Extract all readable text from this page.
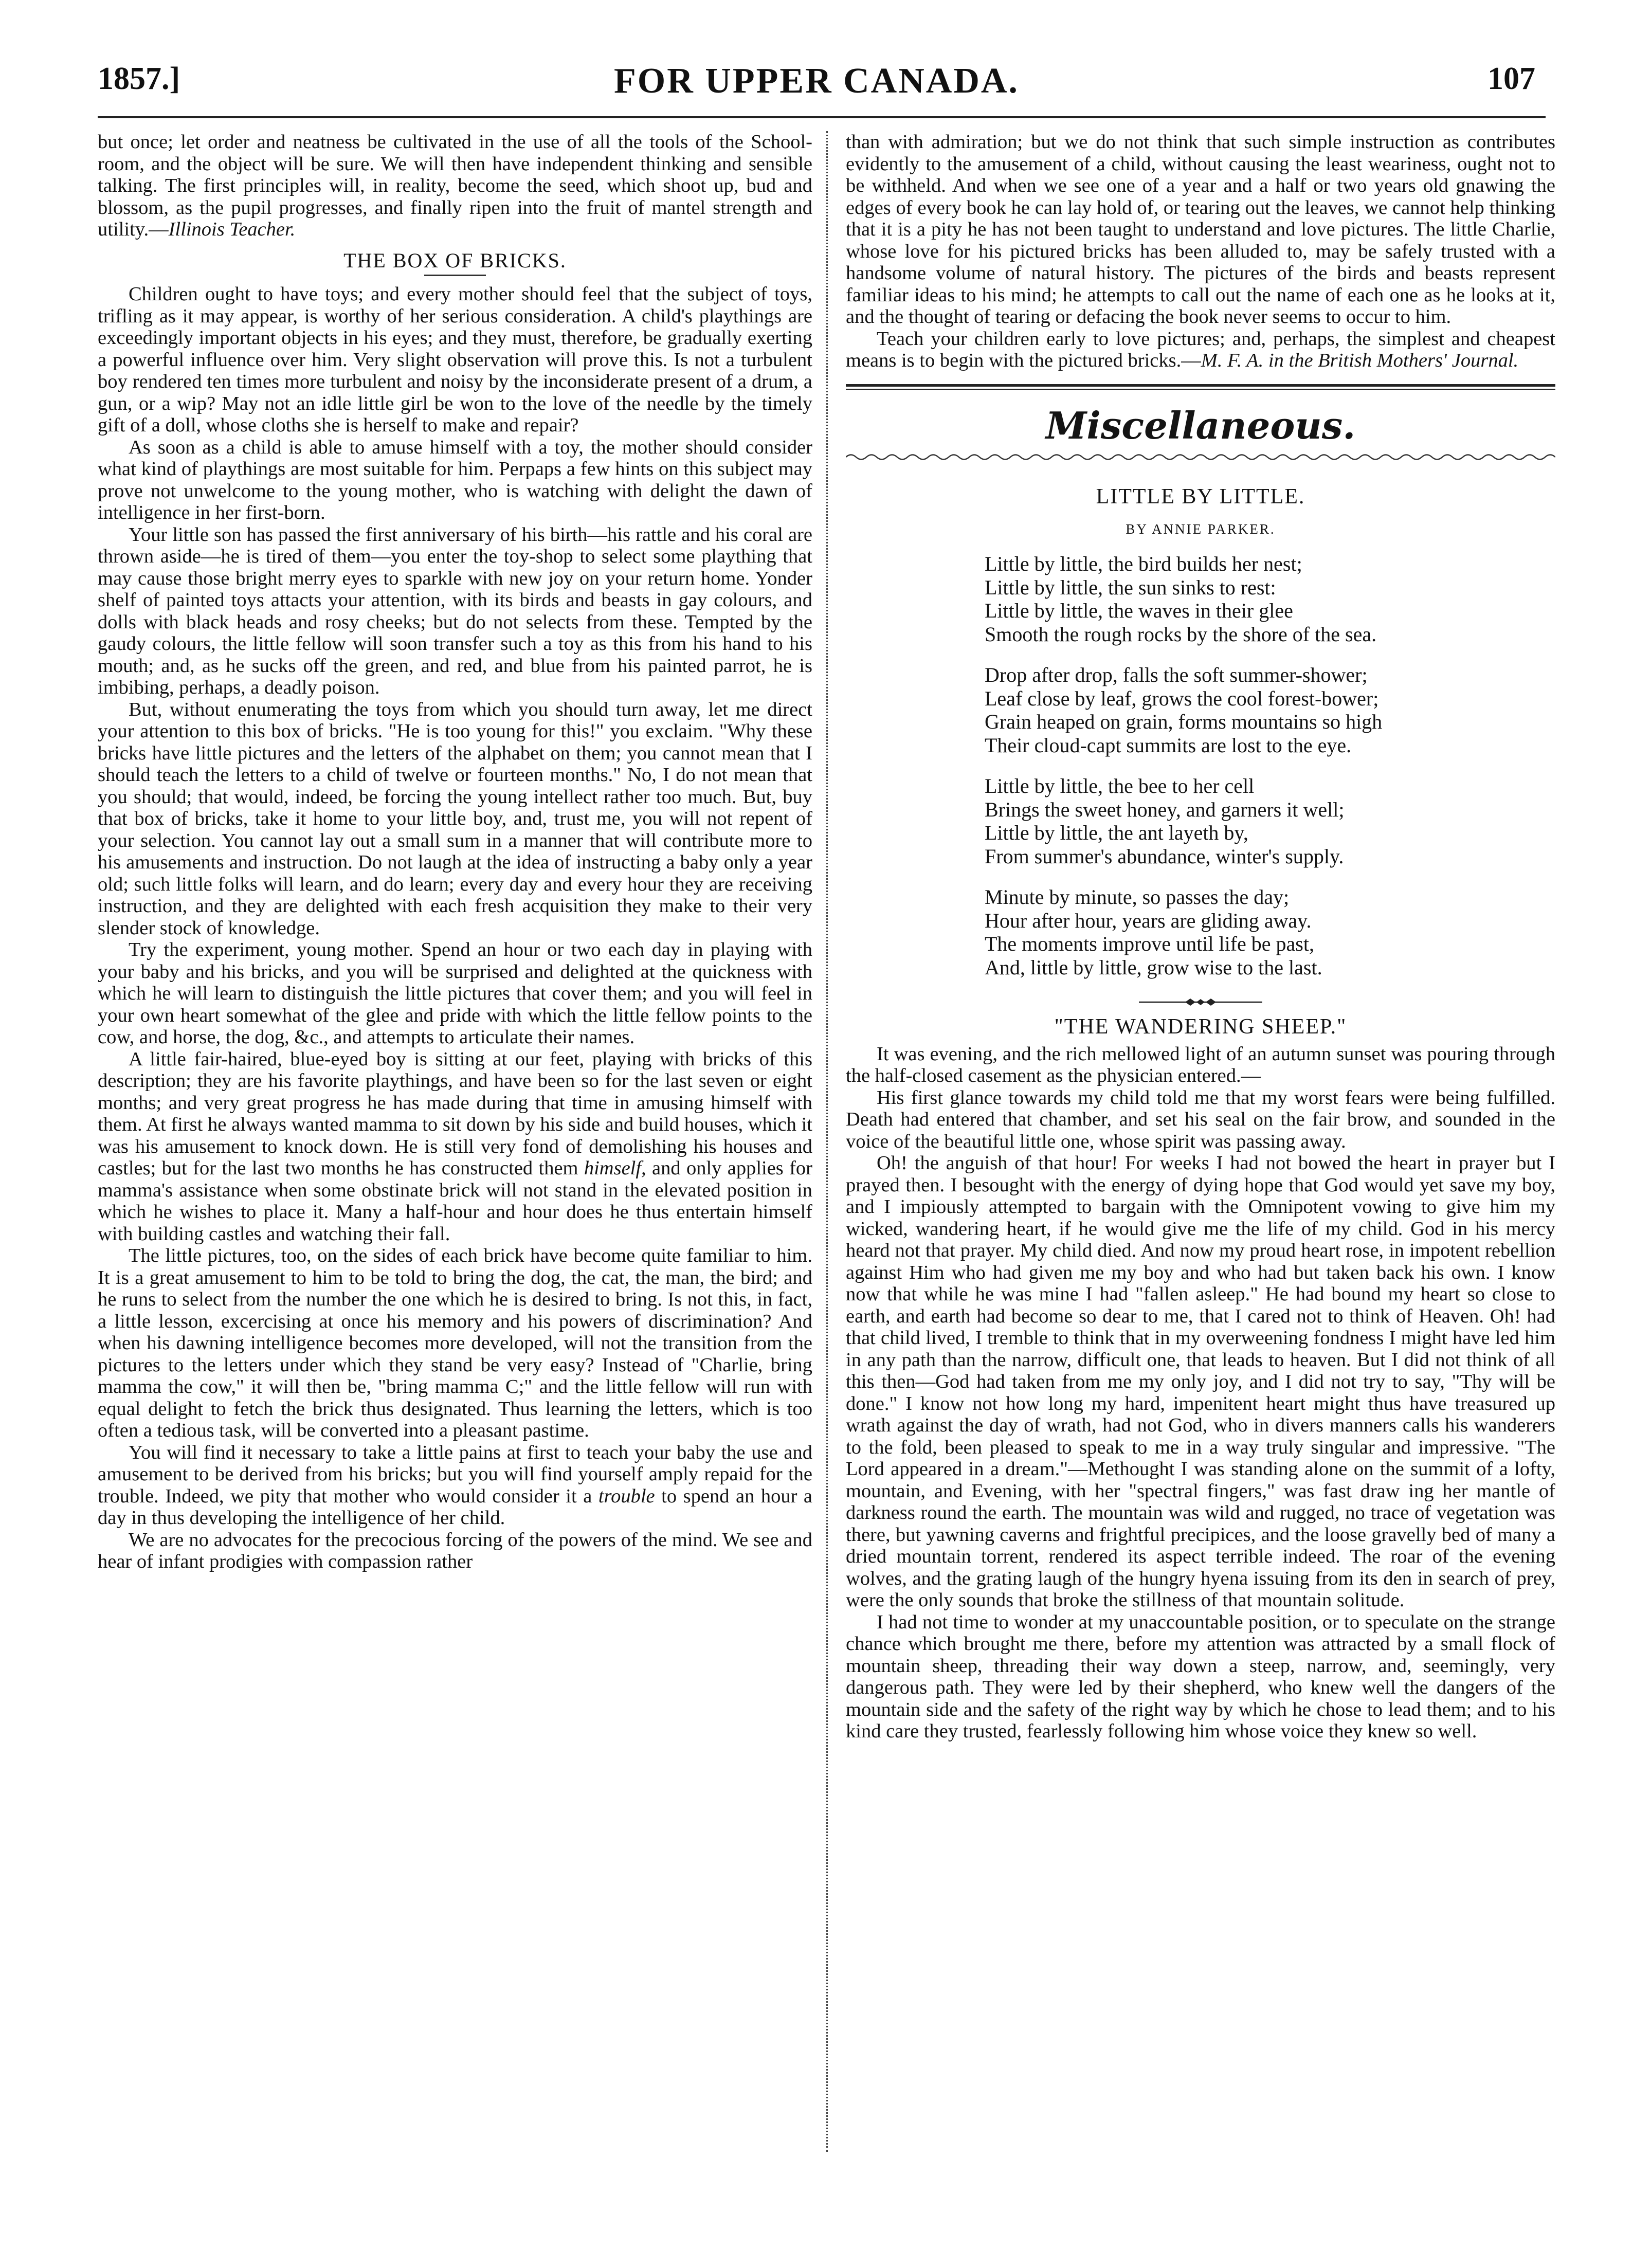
1857.]	FOR UPPER CANADA.	107

but once; let order and neatness be cultivated in the use of all the tools of the School-room, and the object will be sure. We will then have independent thinking and sensible talking. The first principles will, in reality, become the seed, which shoot up, bud and blossom, as the pupil progresses, and finally ripen into the fruit of mantel strength and utility.—Illinois Teacher.

THE BOX OF BRICKS.

Children ought to have toys; and every mother should feel that the subject of toys, trifling as it may appear, is worthy of her serious consideration. A child's playthings are exceedingly important objects in his eyes; and they must, therefore, be gradually exerting a powerful influence over him. Very slight observation will prove this. Is not a turbulent boy rendered ten times more turbulent and noisy by the inconsiderate present of a drum, a gun, or a wip? May not an idle little girl be won to the love of the needle by the timely gift of a doll, whose cloths she is herself to make and repair?

As soon as a child is able to amuse himself with a toy, the mother should consider what kind of playthings are most suitable for him. Perpaps a few hints on this subject may prove not unwelcome to the young mother, who is watching with delight the dawn of intelligence in her first-born.

Your little son has passed the first anniversary of his birth—his rattle and his coral are thrown aside—he is tired of them—you enter the toy-shop to select some plaything that may cause those bright merry eyes to sparkle with new joy on your return home. Yonder shelf of painted toys attacts your attention, with its birds and beasts in gay colours, and dolls with black heads and rosy cheeks; but do not selects from these. Tempted by the gaudy colours, the little fellow will soon transfer such a toy as this from his hand to his mouth; and, as he sucks off the green, and red, and blue from his painted parrot, he is imbibing, perhaps, a deadly poison.

But, without enumerating the toys from which you should turn away, let me direct your attention to this box of bricks. "He is too young for this!" you exclaim. "Why these bricks have little pictures and the letters of the alphabet on them; you cannot mean that I should teach the letters to a child of twelve or fourteen months." No, I do not mean that you should; that would, indeed, be forcing the young intellect rather too much. But, buy that box of bricks, take it home to your little boy, and, trust me, you will not repent of your selection. You cannot lay out a small sum in a manner that will contribute more to his amusements and instruction. Do not laugh at the idea of instructing a baby only a year old; such little folks will learn, and do learn; every day and every hour they are receiving instruction, and they are delighted with each fresh acquisition they make to their very slender stock of knowledge.

Try the experiment, young mother. Spend an hour or two each day in playing with your baby and his bricks, and you will be surprised and delighted at the quickness with which he will learn to distinguish the little pictures that cover them; and you will feel in your own heart somewhat of the glee and pride with which the little fellow points to the cow, and horse, the dog, &c., and attempts to articulate their names.

A little fair-haired, blue-eyed boy is sitting at our feet, playing with bricks of this description; they are his favorite playthings, and have been so for the last seven or eight months; and very great progress he has made during that time in amusing himself with them. At first he always wanted mamma to sit down by his side and build houses, which it was his amusement to knock down. He is still very fond of demolishing his houses and castles; but for the last two months he has constructed them himself, and only applies for mamma's assistance when some obstinate brick will not stand in the elevated position in which he wishes to place it. Many a half-hour and hour does he thus entertain himself with building castles and watching their fall.

The little pictures, too, on the sides of each brick have become quite familiar to him. It is a great amusement to him to be told to bring the dog, the cat, the man, the bird; and he runs to select from the number the one which he is desired to bring. Is not this, in fact, a little lesson, excercising at once his memory and his powers of discrimination? And when his dawning intelligence becomes more developed, will not the transition from the pictures to the letters under which they stand be very easy? Instead of "Charlie, bring mamma the cow," it will then be, "bring mamma C;" and the little fellow will run with equal delight to fetch the brick thus designated. Thus learning the letters, which is too often a tedious task, will be converted into a pleasant pastime.

You will find it necessary to take a little pains at first to teach your baby the use and amusement to be derived from his bricks; but you will find yourself amply repaid for the trouble. Indeed, we pity that mother who would consider it a trouble to spend an hour a day in thus developing the intelligence of her child.

We are no advocates for the precocious forcing of the powers of the mind. We see and hear of infant prodigies with compassion rather

than with admiration; but we do not think that such simple instruction as contributes evidently to the amusement of a child, without causing the least weariness, ought not to be withheld. And when we see one of a year and a half or two years old gnawing the edges of every book he can lay hold of, or tearing out the leaves, we cannot help thinking that it is a pity he has not been taught to understand and love pictures. The little Charlie, whose love for his pictured bricks has been alluded to, may be safely trusted with a handsome volume of natural history. The pictures of the birds and beasts represent familiar ideas to his mind; he attempts to call out the name of each one as he looks at it, and the thought of tearing or defacing the book never seems to occur to him.

Teach your children early to love pictures; and, perhaps, the simplest and cheapest means is to begin with the pictured bricks.—M. F. A. in the British Mothers' Journal.

Miscellaneous.
LITTLE BY LITTLE.
BY ANNIE PARKER.
Little by little, the bird builds her nest;
Little by little, the sun sinks to rest:
Little by little, the waves in their glee
Smooth the rough rocks by the shore of the sea.
Drop after drop, falls the soft summer-shower;
Leaf close by leaf, grows the cool forest-bower;
Grain heaped on grain, forms mountains so high
Their cloud-capt summits are lost to the eye.
Little by little, the bee to her cell
Brings the sweet honey, and garners it well;
Little by little, the ant layeth by,
From summer's abundance, winter's supply.
Minute by minute, so passes the day;
Hour after hour, years are gliding away.
The moments improve until life be past,
And, little by little, grow wise to the last.
"THE WANDERING SHEEP."

It was evening, and the rich mellowed light of an autumn sunset was pouring through the half-closed casement as the physician entered.—

His first glance towards my child told me that my worst fears were being fulfilled. Death had entered that chamber, and set his seal on the fair brow, and sounded in the voice of the beautiful little one, whose spirit was passing away.

Oh! the anguish of that hour! For weeks I had not bowed the heart in prayer but I prayed then. I besought with the energy of dying hope that God would yet save my boy, and I impiously attempted to bargain with the Omnipotent vowing to give him my wicked, wandering heart, if he would give me the life of my child. God in his mercy heard not that prayer. My child died. And now my proud heart rose, in impotent rebellion against Him who had given me my boy and who had but taken back his own. I know now that while he was mine I had "fallen asleep." He had bound my heart so close to earth, and earth had become so dear to me, that I cared not to think of Heaven. Oh! had that child lived, I tremble to think that in my overweening fondness I might have led him in any path than the narrow, difficult one, that leads to heaven. But I did not think of all this then—God had taken from me my only joy, and I did not try to say, "Thy will be done." I know not how long my hard, impenitent heart might thus have treasured up wrath against the day of wrath, had not God, who in divers manners calls his wanderers to the fold, been pleased to speak to me in a way truly singular and impressive. "The Lord appeared in a dream."—Methought I was standing alone on the summit of a lofty, mountain, and Evening, with her "spectral fingers," was fast draw ing her mantle of darkness round the earth. The mountain was wild and rugged, no trace of vegetation was there, but yawning caverns and frightful precipices, and the loose gravelly bed of many a dried mountain torrent, rendered its aspect terrible indeed. The roar of the evening wolves, and the grating laugh of the hungry hyena issuing from its den in search of prey, were the only sounds that broke the stillness of that mountain solitude.

I had not time to wonder at my unaccountable position, or to speculate on the strange chance which brought me there, before my attention was attracted by a small flock of mountain sheep, threading their way down a steep, narrow, and, seemingly, very dangerous path. They were led by their shepherd, who knew well the dangers of the mountain side and the safety of the right way by which he chose to lead them; and to his kind care they trusted, fearlessly following him whose voice they knew so well.
